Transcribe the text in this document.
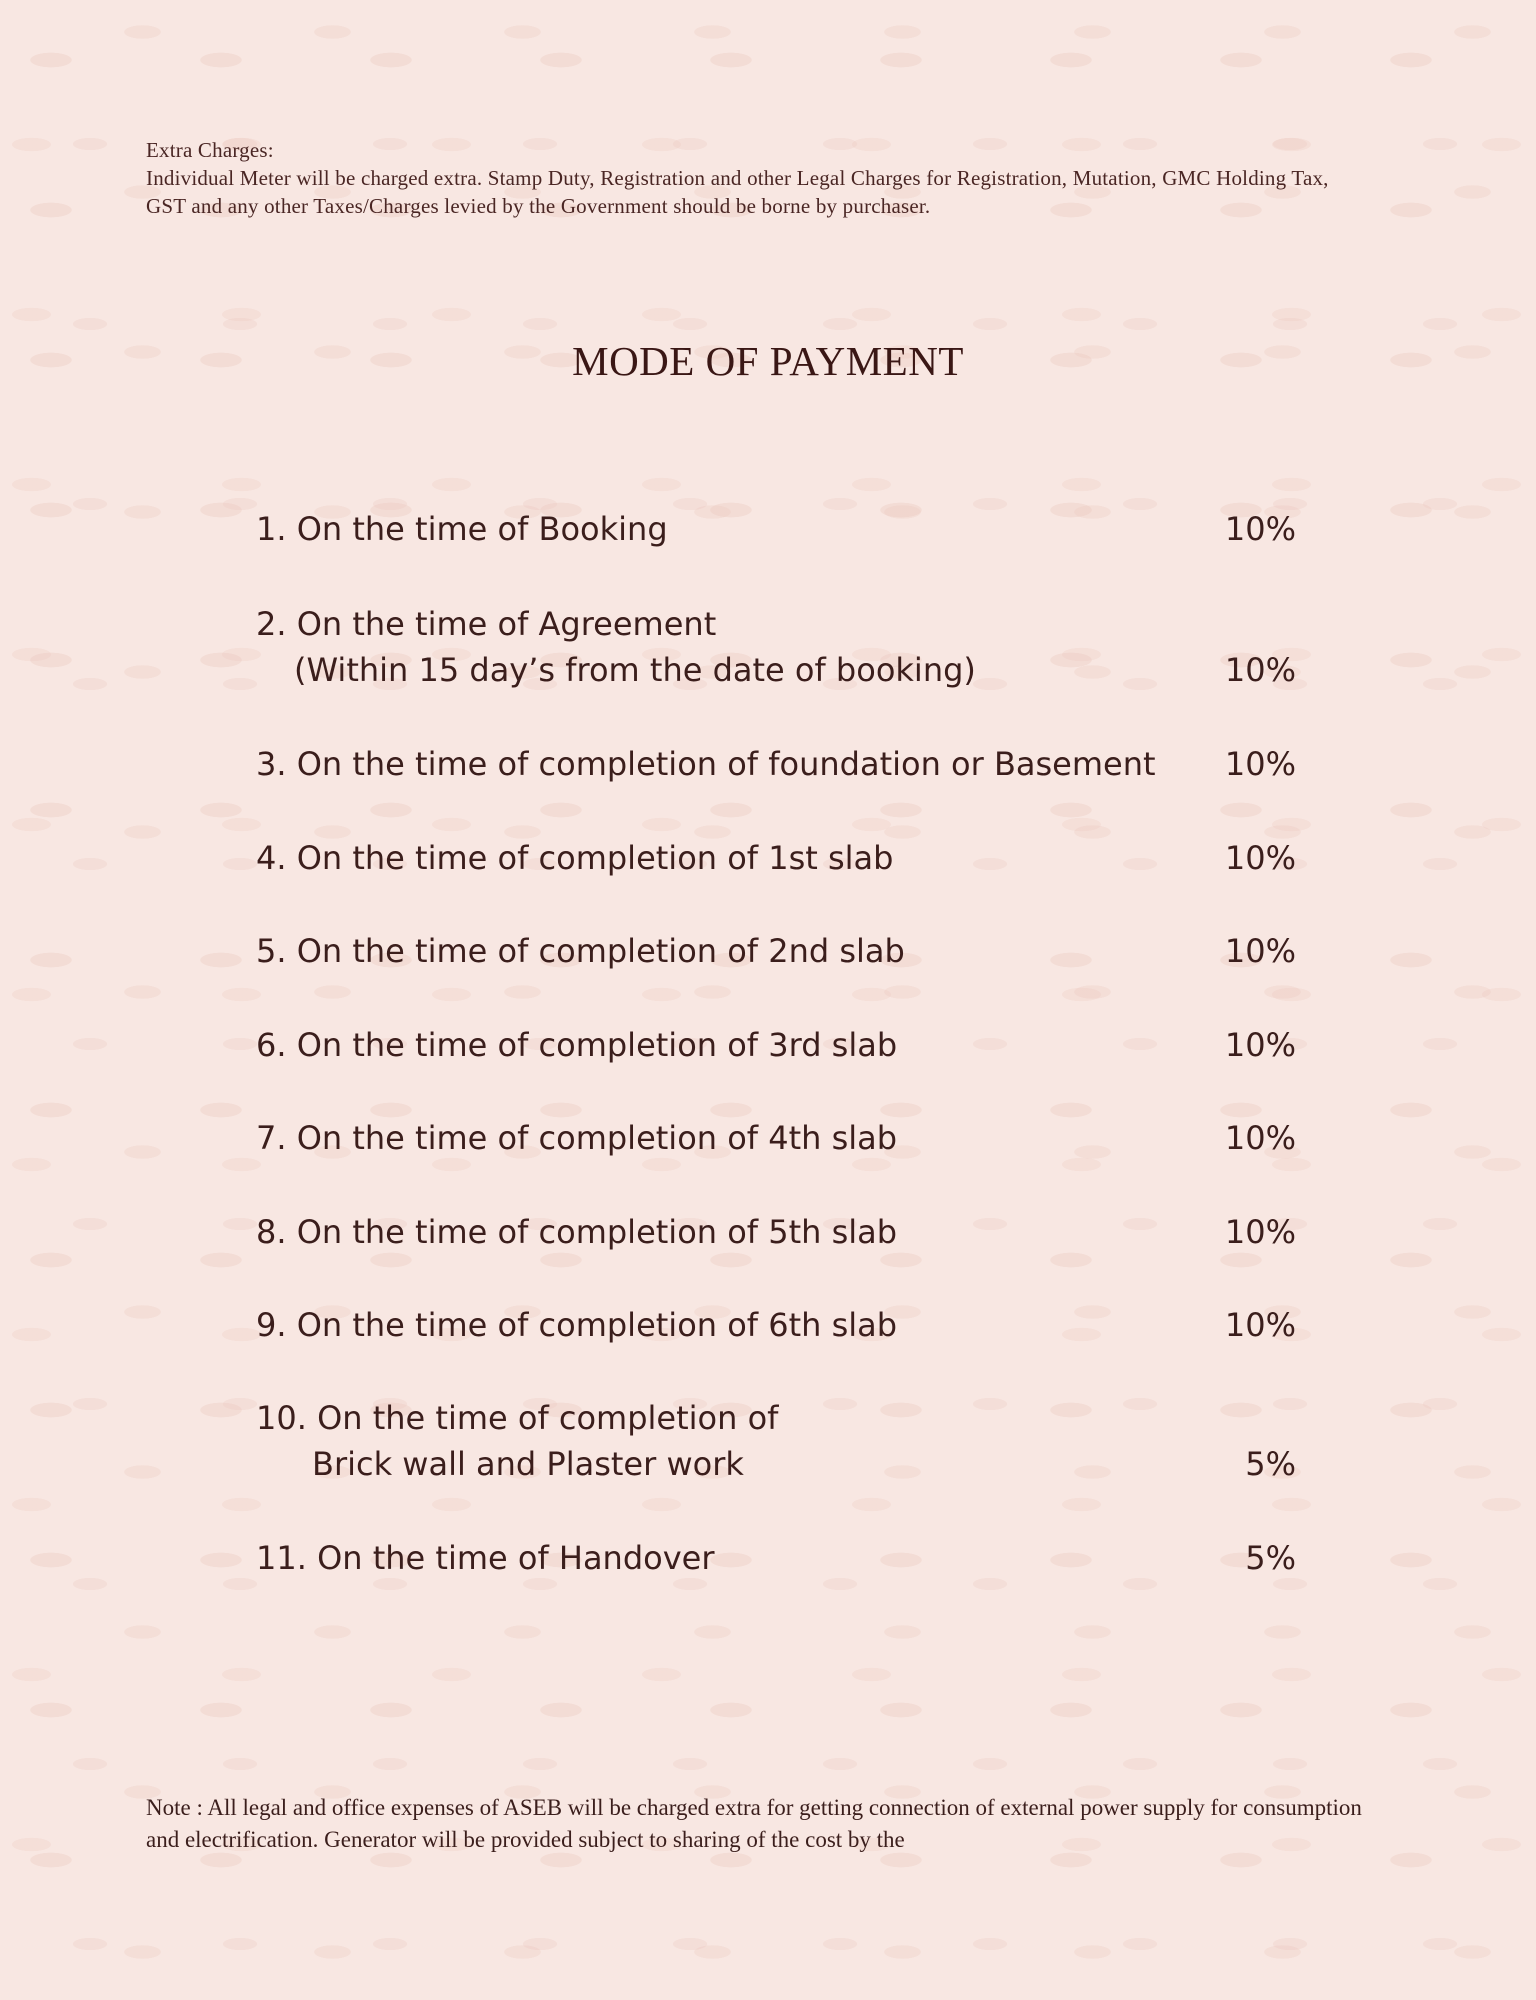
Extra Charges:
Individual Meter will be charged extra. Stamp Duty, Registration and other Legal Charges for Registration, Mutation, GMC Holding Tax, GST and any other Taxes/Charges levied by the Government should be borne by purchaser.
MODE OF PAYMENT
1. On the time of Booking	10%
2. On the time of Agreement
(Within 15 day’s from the date of booking)	10%
3. On the time of completion of foundation or Basement 10%
4. On the time of completion of 1st slab	10%
5. On the time of completion of 2nd slab	10%
6. On the time of completion of 3rd slab	10%
7. On the time of completion of 4th slab	10%
8. On the time of completion of 5th slab	10%
9. On the time of completion of 6th slab	10%
10. On the time of completion of
Brick wall and Plaster work	5%
11. On the time of Handover	5%
Note : All legal and office expenses of ASEB will be charged extra for getting connection of external power supply for consumption and electrification. Generator will be provided subject to sharing of the cost by the
